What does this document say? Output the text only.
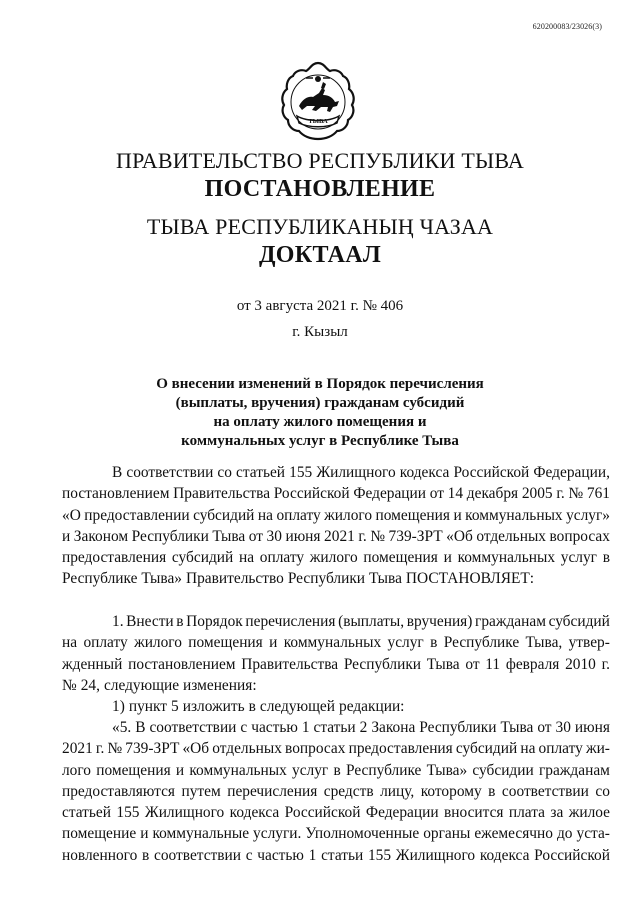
620200083/23026(3)
ТЫВА
ПРАВИТЕЛЬСТВО РЕСПУБЛИКИ ТЫВА
ПОСТАНОВЛЕНИЕ
ТЫВА РЕСПУБЛИКАНЫҢ ЧАЗАА
ДОКТААЛ
от 3 августа 2021 г. № 406
г. Кызыл
О внесении изменений в Порядок перечисления
(выплаты, вручения) гражданам субсидий
на оплату жилого помещения и
коммунальных услуг в Республике Тыва
В соответствии со статьей 155 Жилищного кодекса Российской Федерации,
постановлением Правительства Российской Федерации от 14 декабря 2005 г. № 761
«О предоставлении субсидий на оплату жилого помещения и коммунальных услуг»
и Законом Республики Тыва от 30 июня 2021 г. № 739-ЗРТ «Об отдельных вопросах
предоставления субсидий на оплату жилого помещения и коммунальных услуг в
Республике Тыва» Правительство Республики Тыва ПОСТАНОВЛЯЕТ:
1. Внести в Порядок перечисления (выплаты, вручения) гражданам субсидий
на оплату жилого помещения и коммунальных услуг в Республике Тыва, утвер-
жденный постановлением Правительства Республики Тыва от 11 февраля 2010 г.
№ 24, следующие изменения:
1) пункт 5 изложить в следующей редакции:
«5. В соответствии с частью 1 статьи 2 Закона Республики Тыва от 30 июня
2021 г. № 739-ЗРТ «Об отдельных вопросах предоставления субсидий на оплату жи-
лого помещения и коммунальных услуг в Республике Тыва» субсидии гражданам
предоставляются путем перечисления средств лицу, которому в соответствии со
статьей 155 Жилищного кодекса Российской Федерации вносится плата за жилое
помещение и коммунальные услуги. Уполномоченные органы ежемесячно до уста-
новленного в соответствии с частью 1 статьи 155 Жилищного кодекса Российской
